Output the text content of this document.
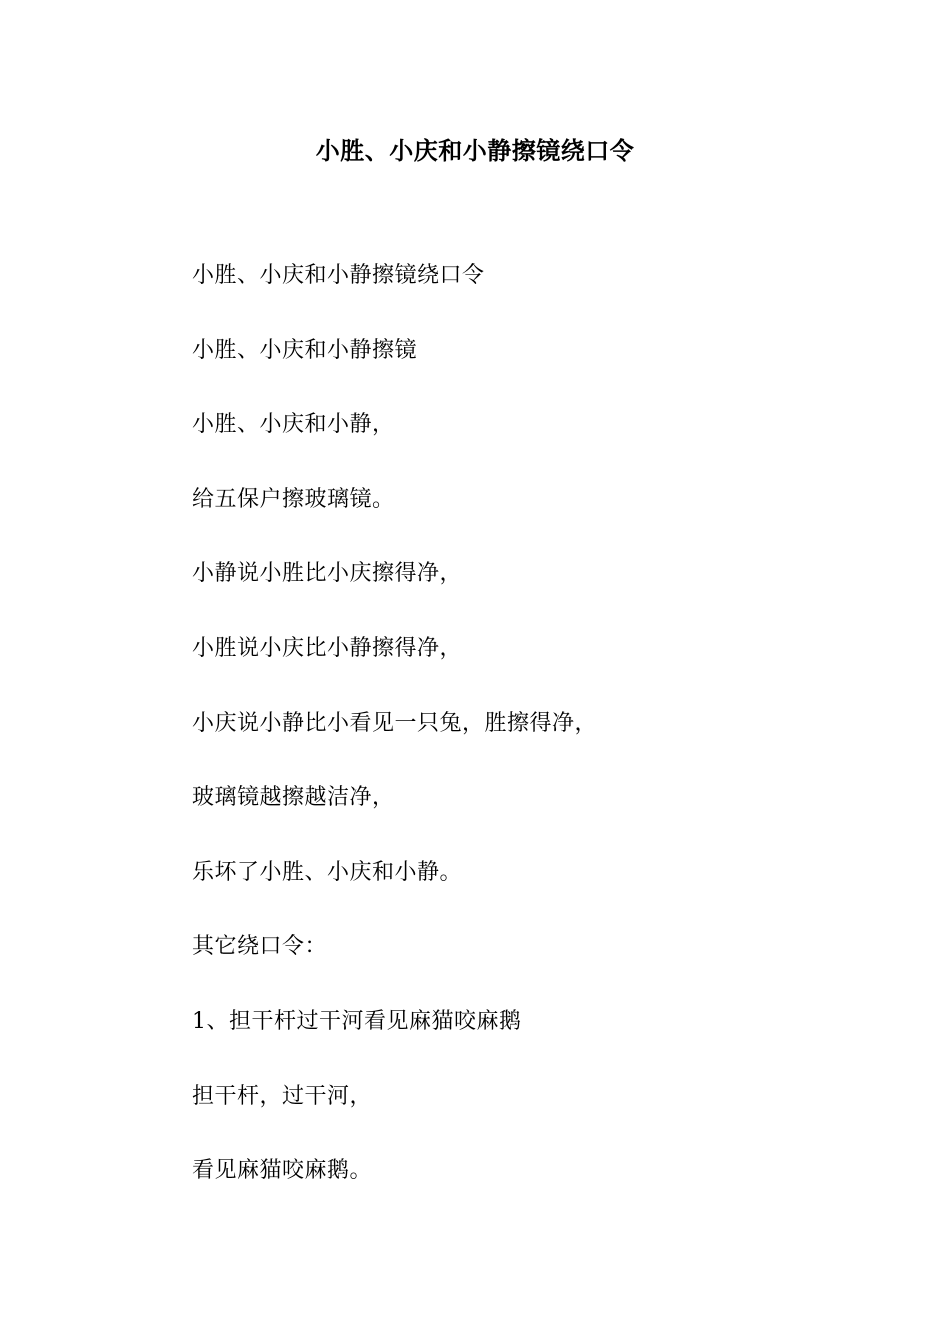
小胜、小庆和小静擦镜绕口令
小胜、小庆和小静擦镜绕口令
小胜、小庆和小静擦镜
小胜、小庆和小静，
给五保户擦玻璃镜。
小静说小胜比小庆擦得净，
小胜说小庆比小静擦得净，
小庆说小静比小看见一只兔，胜擦得净，
玻璃镜越擦越洁净，
乐坏了小胜、小庆和小静。
其它绕口令：
1、担干杆过干河看见麻猫咬麻鹅
担干杆，过干河，
看见麻猫咬麻鹅。
